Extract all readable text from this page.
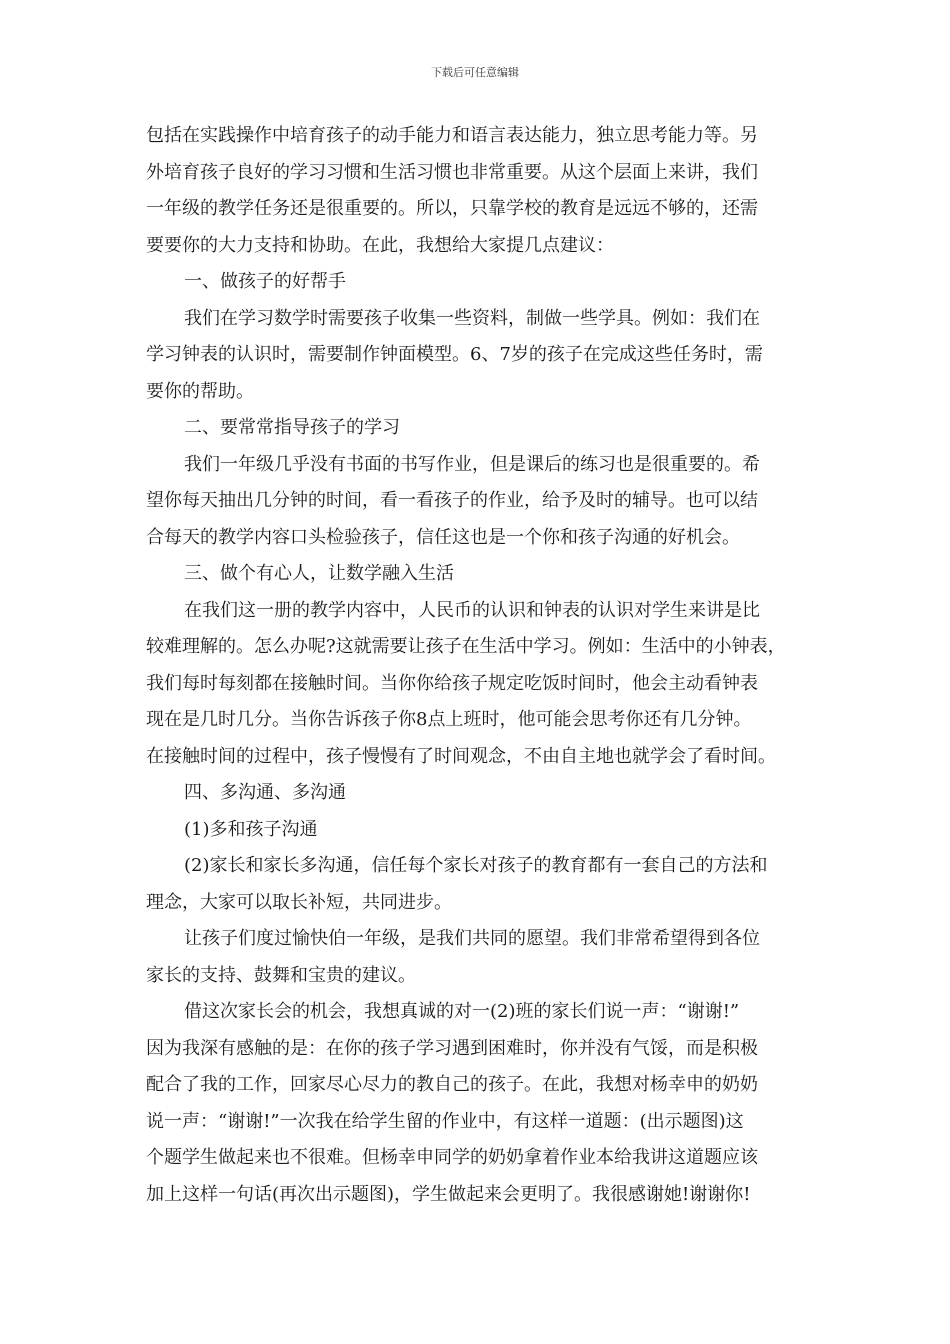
下载后可任意编辑

包括在实践操作中培育孩子的动手能力和语言表达能力，独立思考能力等。另

外培育孩子良好的学习习惯和生活习惯也非常重要。从这个层面上来讲，我们

一年级的教学任务还是很重要的。所以，只靠学校的教育是远远不够的，还需

要要你的大力支持和协助。在此，我想给大家提几点建议：

一、做孩子的好帮手

我们在学习数学时需要孩子收集一些资料，制做一些学具。例如：我们在

学习钟表的认识时，需要制作钟面模型。6、7岁的孩子在完成这些任务时，需

要你的帮助。

二、要常常指导孩子的学习

我们一年级几乎没有书面的书写作业，但是课后的练习也是很重要的。希

望你每天抽出几分钟的时间，看一看孩子的作业，给予及时的辅导。也可以结

合每天的教学内容口头检验孩子，信任这也是一个你和孩子沟通的好机会。

三、做个有心人，让数学融入生活

在我们这一册的教学内容中，人民币的认识和钟表的认识对学生来讲是比

较难理解的。怎么办呢?这就需要让孩子在生活中学习。例如：生活中的小钟表，

我们每时每刻都在接触时间。当你你给孩子规定吃饭时间时，他会主动看钟表

现在是几时几分。当你告诉孩子你8点上班时，他可能会思考你还有几分钟。

在接触时间的过程中，孩子慢慢有了时间观念，不由自主地也就学会了看时间。

四、多沟通、多沟通

(1)多和孩子沟通

(2)家长和家长多沟通，信任每个家长对孩子的教育都有一套自己的方法和

理念，大家可以取长补短，共同进步。

让孩子们度过愉快伯一年级，是我们共同的愿望。我们非常希望得到各位

家长的支持、鼓舞和宝贵的建议。

借这次家长会的机会，我想真诚的对一(2)班的家长们说一声：“谢谢!”

因为我深有感触的是：在你的孩子学习遇到困难时，你并没有气馁，而是积极

配合了我的工作，回家尽心尽力的教自己的孩子。在此，我想对杨幸申的奶奶

说一声：“谢谢!”一次我在给学生留的作业中，有这样一道题：(出示题图)这

个题学生做起来也不很难。但杨幸申同学的奶奶拿着作业本给我讲这道题应该

加上这样一句话(再次出示题图)，学生做起来会更明了。我很感谢她!谢谢你!
